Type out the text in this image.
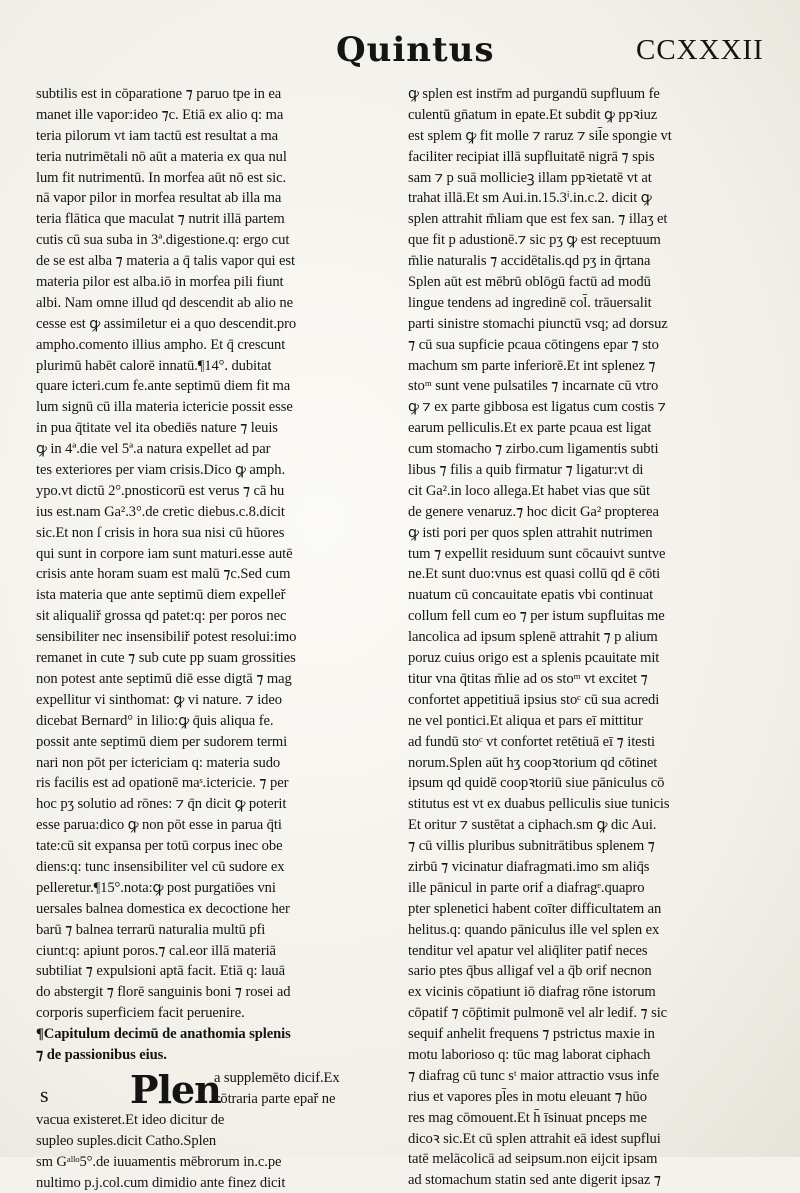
Quintus	CCXXXII
subtilis est in cōparatione ⁊ paruo tpe in ea
manet ille vapor:ideo ⁊c. Etiā ex alio q: ma
teria pilorum vt iam tactū est resultat a ma
teria nutrimētali nō aūt a materia ex qua nul
lum fit nutrimentū. In morfea aūt nō est sic.
nā vapor pilor in morfea resultat ab illa ma
teria flātica que maculat ⁊ nutrit illā partem
cutis cū sua suba in 3ª.digestione.q: ergo cut
de se est alba ⁊ materia a q̄ talis vapor qui est
materia pilor est alba.iō in morfea pili fiunt
albi. Nam omne illud qd descendit ab alio ne
cesse est ꝙ assimiletur ei a quo descendit.pro
ampho.comento illius ampho. Et q̄ crescunt
plurimū habēt calorē innatū.¶14°. dubitat
quare icteri.cum fe.ante septimū diem fit ma
lum signū cū illa materia ictericie possit esse
in pua q̄titate vel ita obediēs nature ⁊ leuis
ꝙ in 4ª.die vel 5ª.a natura expellet ad par
tes exteriores per viam crisis.Dico ꝙ amph.
ypo.vt dictū 2°.pnosticorū est verus ⁊ cā hu
ius est.nam Ga².3°.de cretic diebus.c.8.dicit
sic.Et non ſ crisis in hora sua nisi cū hūores
qui sunt in corpore iam sunt maturi.esse autē
crisis ante horam suam est malū ⁊c.Sed cum
ista materia que ante septimū diem expelleř
sit aliqualiř grossa qd patet:q: per poros nec
sensibiliter nec insensibiliř potest resolui:imo
remanet in cute ⁊ sub cute pp suam grossities
non potest ante septimū diē esse digtā ⁊ mag
expellitur vi sinthomat: ꝙ vi nature. ⁊ ideo
dicebat Bernard° in lilio:ꝙ q̄uis aliqua fe.
possit ante septimū diem per sudorem termi
nari non pōt per ictericiam q: materia sudo
ris facilis est ad opationē maˢ.ictericie. ⁊ per
hoc pʒ solutio ad rōnes: ⁊ q̄n dicit ꝙ poterit
esse parua:dico ꝙ non pōt esse in parua q̄ti
tate:cū sit expansa per totū corpus inec obe
diens:q: tunc insensibiliter vel cū sudore ex
pelleretur.¶15°.nota:ꝙ post purgatiōes vni
uersales balnea domestica ex decoctione her
barū ⁊ balnea terrarū naturalia multū pfi
ciunt:q: apiunt poros.⁊ cal.eor illā materiā
subtiliat ⁊ expulsioni aptā facit. Etiā q: lauā
do abstergit ⁊ florē sanguinis boni ⁊ rosei ad
corporis superficiem facit peruenire.
¶Capitulum decimū de anathomia splenis
⁊ de passionibus eius.
s Plen
a supplemēto dicif.Ex
cōtraria parte epař ne
vacua existeret.Et ideo dicitur de
supleo suples.dicit Catho.Splen
sm Gᵃˡˡᵒ5°.de iuuamentis mēbrorum in.c.pe
nultimo p.j.col.cum dimidio ante finez dicit
ꝙ splen est instr̄m ad purgandū supfluum fe
culentū gn̄atum in epate.Et subdit ꝙ ppꝛiuz
est splem ꝙ fit molle ⁊ raruz ⁊ sil̄e spongie vt
faciliter recipiat illā supfluitatē nigrā ⁊ spis
sam ⁊ p suā mollicieꝫ illam ppꝛietatē vt at
trahat illā.Et sm Aui.in.15.3ⁱ.in.c.2. dicit ꝙ
splen attrahit m̄liam que est fex san. ⁊ illaʒ et
que fit p adustionē.⁊ sic pʒ ꝙ est receptuum
m̄lie naturalis ⁊ accidētalis.qd pʒ in q̄rtana
Splen aūt est mēbrū oblōgū factū ad modū
lingue tendens ad ingredinē col̄. trāuersalit
parti sinistre stomachi piunctū vsq; ad dorsuz
⁊ cū sua supficie pcaua cōtingens epar ⁊ sto
machum sm parte inferiorē.Et int splenez ⁊
stoᵐ sunt vene pulsatiles ⁊ incarnate cū vtro
ꝙ ⁊ ex parte gibbosa est ligatus cum costis ⁊
earum pelliculis.Et ex parte pcaua est ligat
cum stomacho ⁊ zirbo.cum ligamentis subti
libus ⁊ filis a quib firmatur ⁊ ligatur:vt di
cit Ga².in loco allega.Et habet vias que sūt
de genere venaruz.⁊ hoc dicit Ga² propterea
ꝙ isti pori per quos splen attrahit nutrimen
tum ⁊ expellit residuum sunt cōcauivt suntve
ne.Et sunt duo:vnus est quasi collū qd ē cōti
nuatum cū concauitate epatis vbi continuat
collum fell cum eo ⁊ per istum supfluitas me
lancolica ad ipsum splenē attrahit ⁊ p alium
poruz cuius origo est a splenis pcauitate mit
titur vna q̄titas m̄lie ad os stoᵐ vt excitet ⁊
confortet appetitiuā ipsius stoᶜ cū sua acredi
ne vel pontici.Et aliqua et pars eī mittitur
ad fundū stoᶜ vt confortet retētiuā eī ⁊ itesti
norum.Splen aūt hʒ coopꝛtorium qd cōtinet
ipsum qd quidē coopꝛtoriū siue pāniculus cō
stitutus est vt ex duabus pelliculis siue tunicis
Et oritur ⁊ sustētat a ciphach.sm ꝙ dic Aui.
⁊ cū villis pluribus subnitrātibus splenem ⁊
zirbū ⁊ vicinatur diafragmati.imo sm aliq̄s
ille pānicul in parte orif a diafragᵉ.quapro
pter splenetici habent coīter difficultatem an
helitus.q: quando pāniculus ille vel splen ex
tenditur vel apatur vel aliq̄liter patif neces
sario ptes q̄bus alligaf vel a q̄b orif necnon
ex vicinis cōpatiunt iō diafrag rōne istorum
cōpatif ⁊ cōp̄timit pulmonē vel alr ledif. ⁊ sic
sequif anhelit frequens ⁊ pstrictus maxie in
motu laborioso q: tūc mag laborat ciphach
⁊ diafrag cū tunc sᵗ maior attractio vsus infe
rius et vapores pl̄es in motu eleuant ⁊ hūo
res mag cōmouent.Et h̄ īsinuat pnceps me
dicoꝛ sic.Et cū splen attrahit eā idest supflui
tatē melācolicā ad seipsum.non eijcit ipsam
ad stomachum statin sed ante digerit ipsaz ⁊
